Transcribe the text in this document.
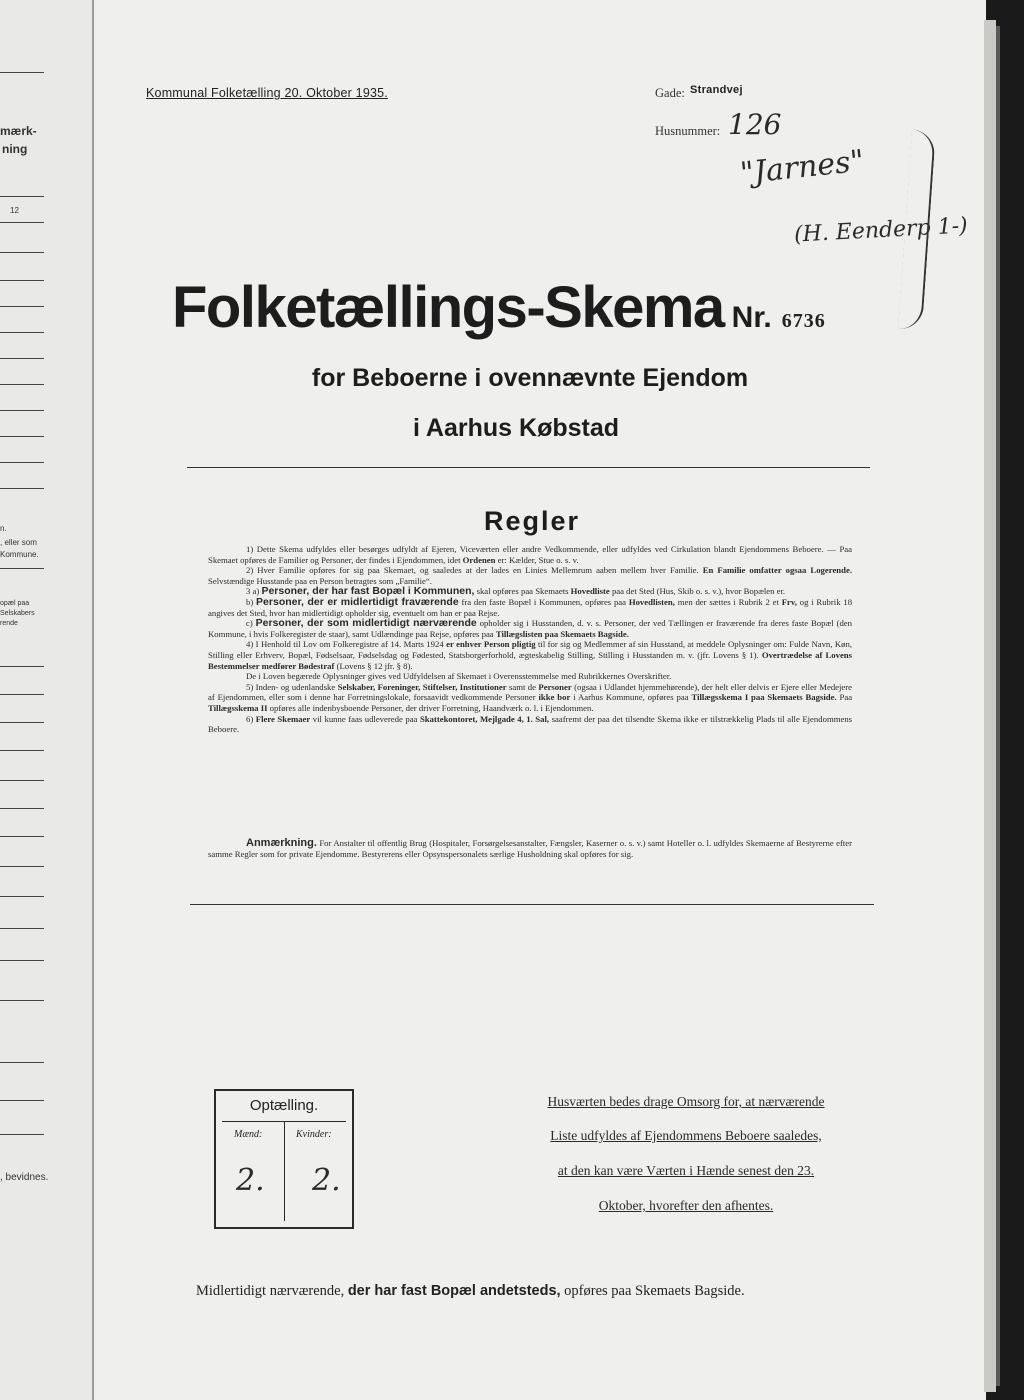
mærk-
ning
12
n.
, eller som
Kommune.
opæl paa
Selskabers
rende
, bevidnes.
Kommunal Folketælling 20. Oktober 1935.	Gade: Strandvej
Husnummer: 126
"Jarnes"
(H. Eenderp 1-)
Folketællings-Skema Nr. 6736
for Beboerne i ovennævnte Ejendom
i Aarhus Købstad
Regler

1) Dette Skema udfyldes eller besørges udfyldt af Ejeren, Viceværten eller andre Vedkommende, eller udfyldes ved Cirkulation blandt Ejendommens Beboere. — Paa Skemaet opføres de Familier og Personer, der findes i Ejendommen, idet Ordenen er: Kælder, Stue o. s. v.

2) Hver Familie opføres for sig paa Skemaet, og saaledes at der lades en Linies Mellemrum aaben mellem hver Familie. En Familie omfatter ogsaa Logerende. Selvstændige Husstande paa en Person betragtes som „Familie“.

3 a) Personer, der har fast Bopæl i Kommunen, skal opføres paa Skemaets Hovedliste paa det Sted (Hus, Skib o. s. v.), hvor Bopælen er.

b) Personer, der er midlertidigt fraværende fra den faste Bopæl i Kommunen, opføres paa Hovedlisten, men der sættes i Rubrik 2 et Frv, og i Rubrik 18 angives det Sted, hvor han midlertidigt opholder sig, eventuelt om han er paa Rejse.

c) Personer, der som midlertidigt nærværende opholder sig i Husstanden, d. v. s. Personer, der ved Tællingen er fraværende fra deres faste Bopæl (den Kommune, i hvis Folkeregister de staar), samt Udlændinge paa Rejse, opføres paa Tillægslisten paa Skemaets Bagside.

4) I Henhold til Lov om Folkeregistre af 14. Marts 1924 er enhver Person pligtig til for sig og Medlemmer af sin Husstand, at meddele Oplysninger om: Fulde Navn, Køn, Stilling eller Erhverv, Bopæl, Fødselsaar, Fødselsdag og Fødested, Statsborgerforhold, ægteskabelig Stilling, Stilling i Husstanden m. v. (jfr. Lovens § 1). Overtrædelse af Lovens Bestemmelser medfører Bødestraf (Lovens § 12 jfr. § 8).

De i Loven begærede Oplysninger gives ved Udfyldelsen af Skemaet i Overensstemmelse med Rubrikkernes Overskrifter.

5) Inden- og udenlandske Selskaber, Foreninger, Stiftelser, Institutioner samt de Personer (ogsaa i Udlandet hjemmehørende), der helt eller delvis er Ejere eller Medejere af Ejendommen, eller som i denne har Forretningslokale, forsaavidt vedkommende Personer ikke bor i Aarhus Kommune, opføres paa Tillægsskema I paa Skemaets Bagside. Paa Tillægsskema II opføres alle indenbysboende Personer, der driver Forretning, Haandværk o. l. i Ejendommen.

6) Flere Skemaer vil kunne faas udleverede paa Skattekontoret, Mejlgade 4, 1. Sal, saafremt der paa det tilsendte Skema ikke er tilstrækkelig Plads til alle Ejendommens Beboere.

Anmærkning. For Anstalter til offentlig Brug (Hospitaler, Forsørgelsesanstalter, Fængsler, Kaserner o. s. v.) samt Hoteller o. l. udfyldes Skemaerne af Bestyrerne efter samme Regler som for private Ejendomme. Bestyrerens eller Opsynspersonalets særlige Husholdning skal opføres for sig.

Optælling.
Mænd:	Kvinder:
2. 2.
Husværten bedes drage Omsorg for, at nærværende
Liste udfyldes af Ejendommens Beboere saaledes,
at den kan være Værten i Hænde senest den 23.
Oktober, hvorefter den afhentes.
Midlertidigt nærværende, der har fast Bopæl andetsteds, opføres paa Skemaets Bagside.
